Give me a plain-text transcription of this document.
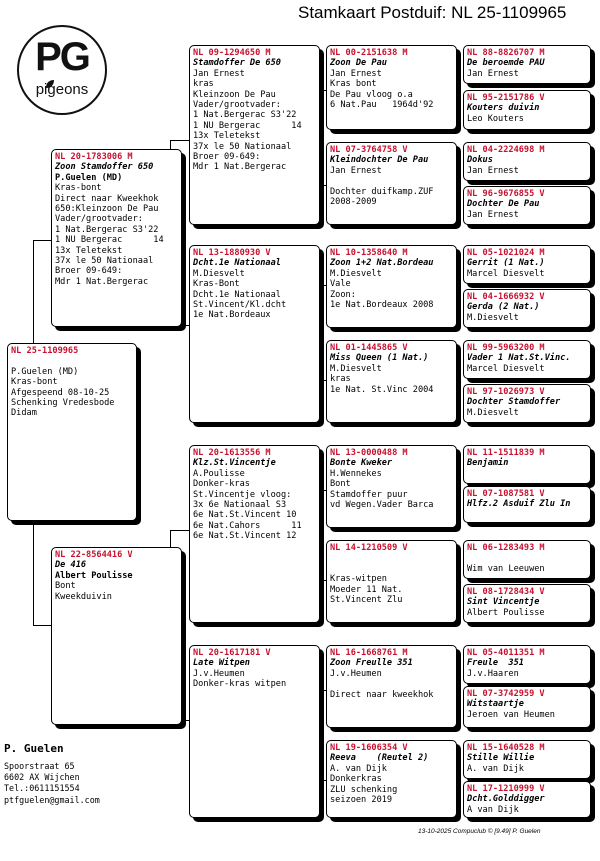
Stamkaart Postduif: NL 25-1109965
PG
pigeons
NL 25-1109965
P.Guelen (MD)
Kras-bont
Afgespeend 08-10-25
Schenking Vredesbode
Didam
NL 20-1783006 M
Zoon Stamdoffer 650
P.Guelen (MD)
Kras-bont
Direct naar Kweekhok
650:Kleinzoon De Pau
Vader/grootvader:
1 Nat.Bergerac S3'22
1 NU Bergerac      14
13x Teletekst
37x le 50 Nationaal
Broer 09-649:
Mdr 1 Nat.Bergerac
NL 22-8564416 V
De 416
Albert Poulisse
Bont
Kweekduivin
NL 09-1294650 M
Stamdoffer De 650
Jan Ernest
kras
Kleinzoon De Pau
Vader/grootvader:
1 Nat.Bergerac S3'22
1 NU Bergerac      14
13x Teletekst
37x le 50 Nationaal
Broer 09-649:
Mdr 1 Nat.Bergerac
NL 13-1880930 V
Dcht.1e Nationaal
M.Diesvelt
Kras-Bont
Dcht.1e Nationaal
St.Vincent/Kl.dcht
1e Nat.Bordeaux
NL 20-1613556 M
Klz.St.Vincentje
A.Poulisse
Donker-kras
St.Vincentje vloog:
3x 6e Nationaal S3
6e Nat.St.Vincent 10
6e Nat.Cahors      11
6e Nat.St.Vincent 12
NL 20-1617181 V
Late Witpen
J.v.Heumen
Donker-kras witpen
NL 00-2151638 M
Zoon De Pau
Jan Ernest
Kras bont
De Pau vloog o.a
6 Nat.Pau   1964d'92
NL 07-3764758 V
Kleindochter De Pau
Jan Ernest
Dochter duifkamp.ZUF
2008-2009
NL 10-1358640 M
Zoon 1+2 Nat.Bordeau
M.Diesvelt
Vale
Zoon:
1e Nat.Bordeaux 2008
NL 01-1445865 V
Miss Queen (1 Nat.)
M.Diesvelt
kras
1e Nat. St.Vinc 2004
NL 13-0000488 M
Bonte Kweker
H.Wennekes
Bont
Stamdoffer puur
vd Wegen.Vader Barca
NL 14-1210509 V
Kras-witpen
Moeder 11 Nat.
St.Vincent Zlu
NL 16-1668761 M
Zoon Freulle 351
J.v.Heumen
Direct naar kweekhok
NL 19-1606354 V
Reeva    (Reutel 2)
A. van Dijk
Donkerkras
ZLU schenking
seizoen 2019
NL 88-8826707 M
De beroemde PAU
Jan Ernest
NL 95-2151786 V
Kouters duivin
Leo Kouters
NL 04-2224698 M
Dokus
Jan Ernest
NL 96-9676855 V
Dochter De Pau
Jan Ernest
NL 05-1021024 M
Gerrit (1 Nat.)
Marcel Diesvelt
NL 04-1666932 V
Gerda (2 Nat.)
M.Diesvelt
NL 99-5963200 M
Vader 1 Nat.St.Vinc.
Marcel Diesvelt
NL 97-1026973 V
Dochter Stamdoffer
M.Diesvelt
NL 11-1511839 M
Benjamin
NL 07-1087581 V
Hlfz.2 Asduif Zlu In
NL 06-1283493 M
Wim van Leeuwen
NL 08-1728434 V
Sint Vincentje
Albert Poulisse
NL 05-4011351 M
Freule  351
J.v.Haaren
NL 07-3742959 V
Witstaartje
Jeroen van Heumen
NL 15-1640528 M
Stille Willie
A. van Dijk
NL 17-1210999 V
Dcht.Golddigger
A van Dijk
P. Guelen
Spoorstraat 65
6602 AX Wijchen
Tel.:0611151554
ptfguelen@gmail.com
13-10-2025 Compuclub © [9.49] P. Guelen
